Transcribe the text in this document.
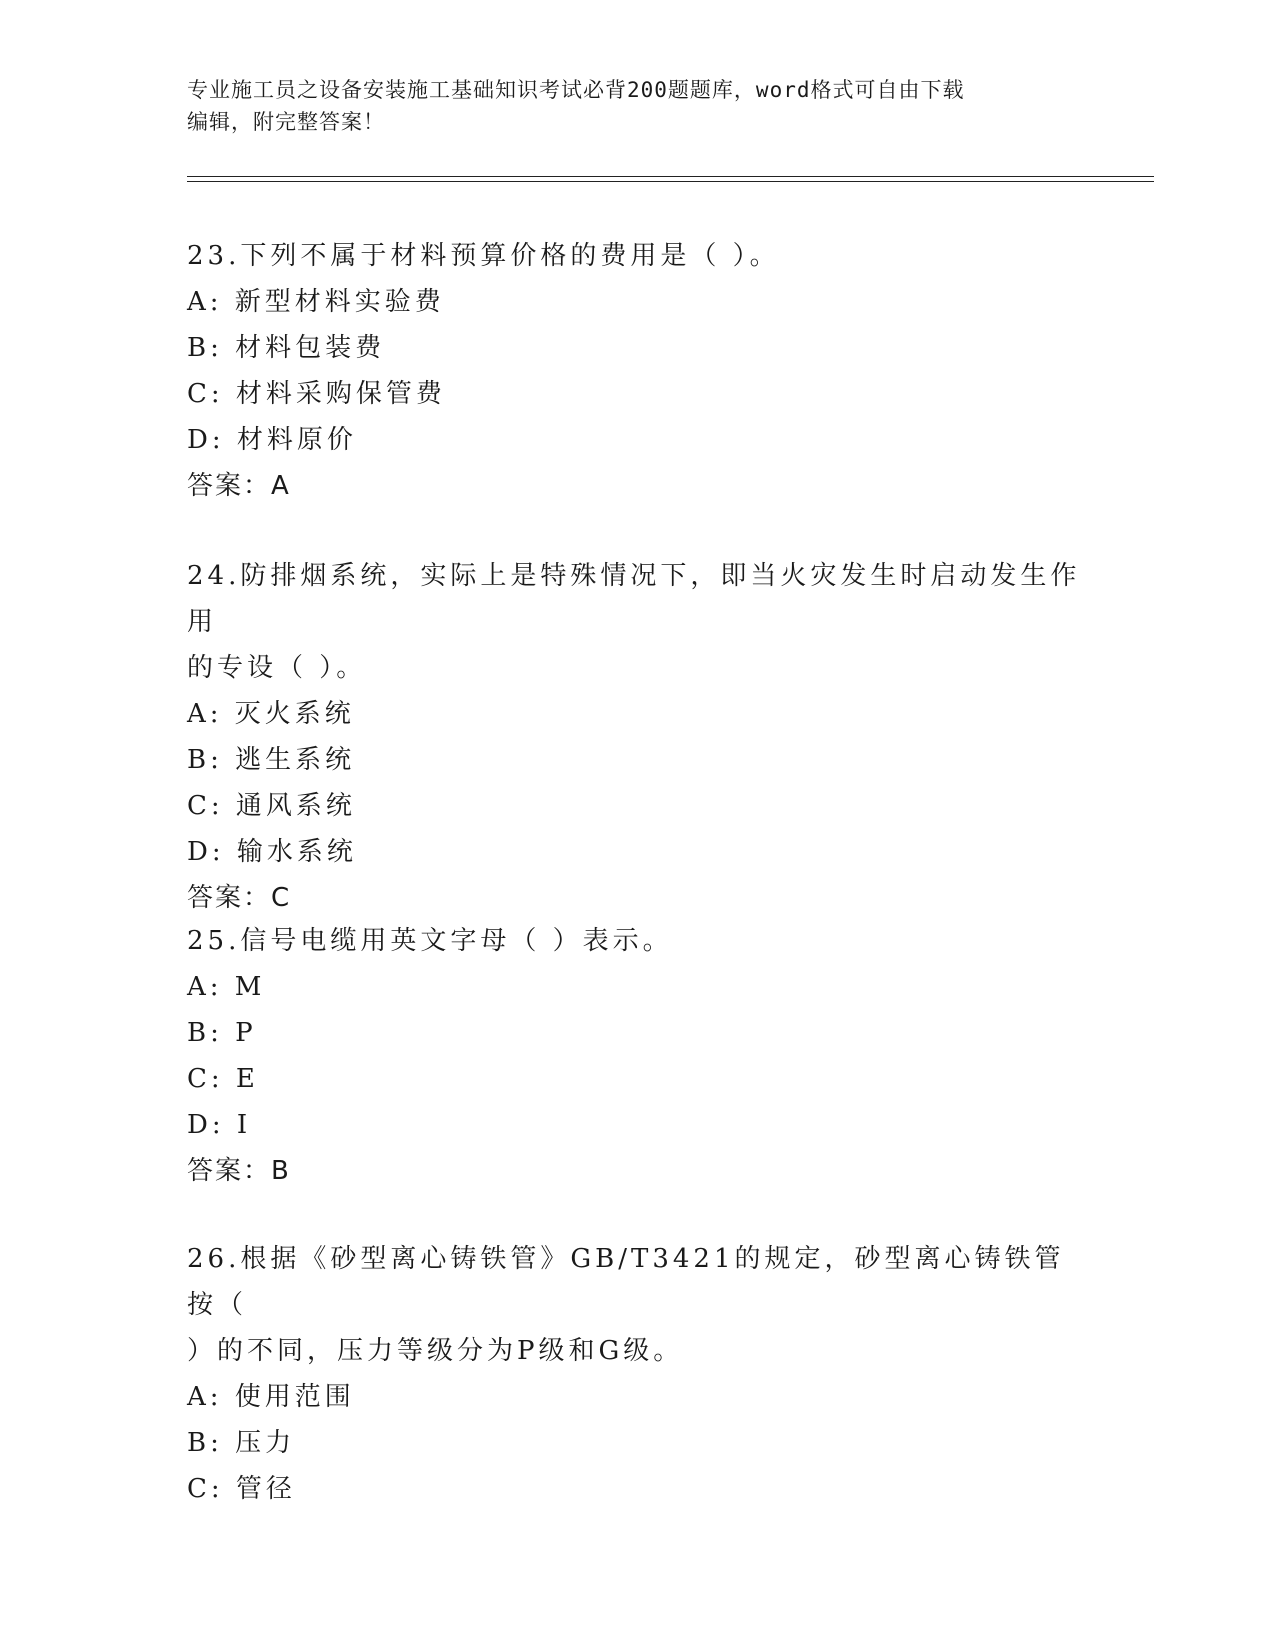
专业施工员之设备安装施工基础知识考试必背200题题库，word格式可自由下载
编辑，附完整答案！

23.下列不属于材料预算价格的费用是（ ）。

A: 新型材料实验费

B: 材料包装费

C: 材料采购保管费

D: 材料原价

答案：A

24.防排烟系统，实际上是特殊情况下，即当火灾发生时启动发生作用

的专设（ ）。

A: 灭火系统

B: 逃生系统

C: 通风系统

D: 输水系统

答案：C

25.信号电缆用英文字母（ ）表示。

A: M

B: P

C: E

D: I

答案：B

26.根据《砂型离心铸铁管》GB/T3421的规定，砂型离心铸铁管按（

）的不同，压力等级分为P级和G级。

A: 使用范围

B: 压力

C: 管径
